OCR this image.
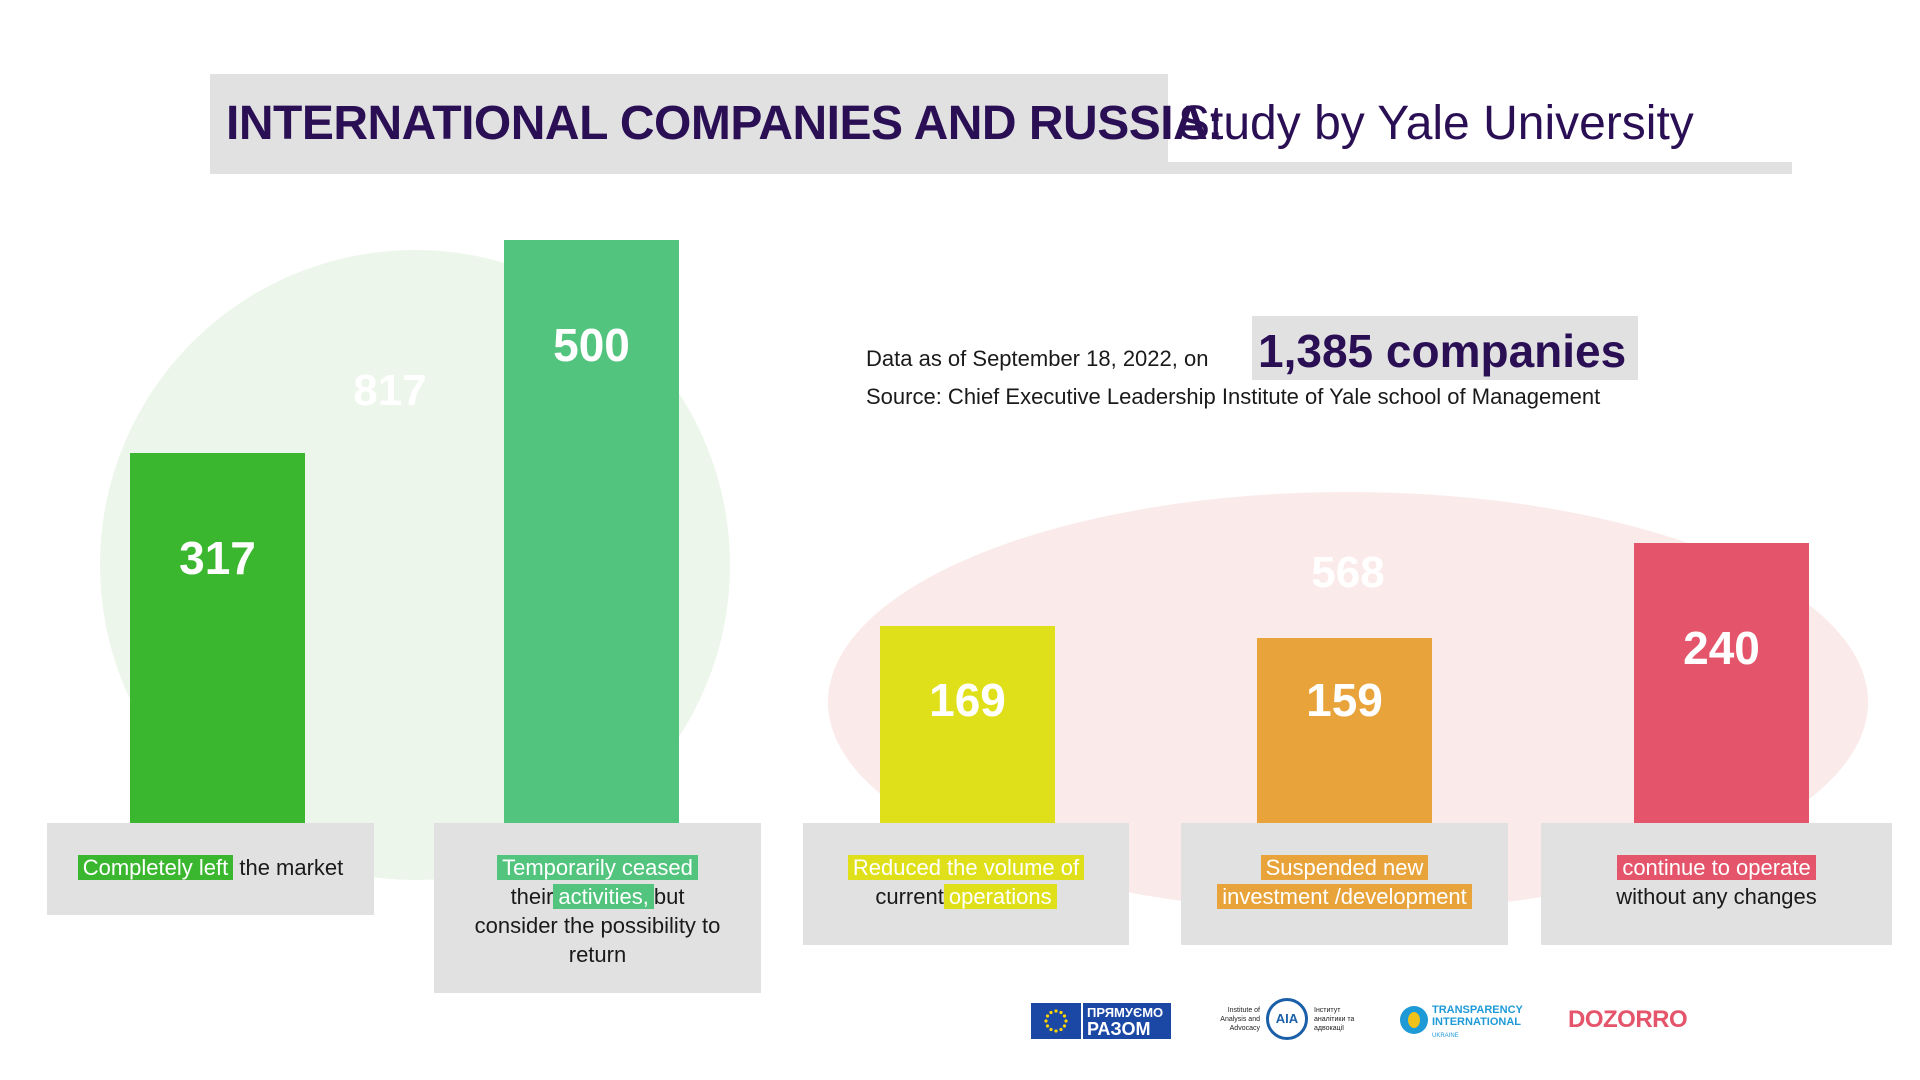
INTERNATIONAL COMPANIES AND RUSSIA:
Study by Yale University
817
568
Data as of September 18, 2022, on 1,385 companies
Source: Chief Executive Leadership Institute of Yale school of Management
317
500
169	159
240
Completely left the market	Temporarily ceased
their activities, but
consider the possibility to
return
Reduced the volume of
current operations
Suspended new
investment /development
continue to operate
without any changes
ПРЯМУЄМО
РАЗОМ
Institute of Analysis and Advocacy
AIA
Інститут аналітики та адвокації
TRANSPARENCY
INTERNATIONAL
UKRAINE
DOZORRO
